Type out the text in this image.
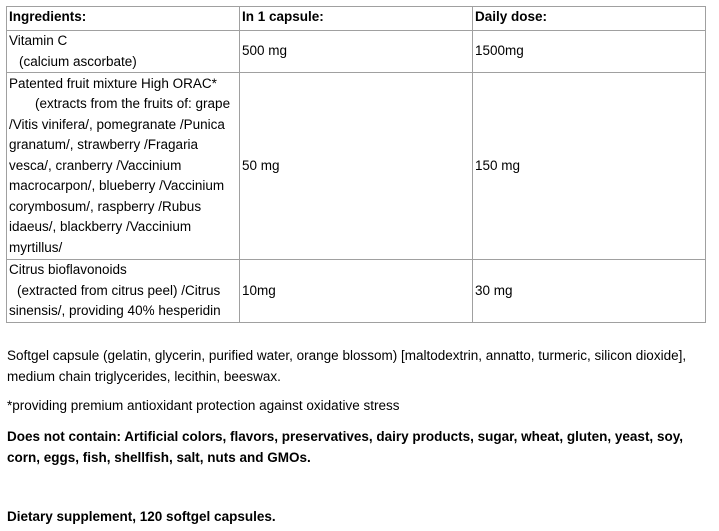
Ingredients:	In 1 capsule:	Daily dose:

Vitamin C
(calcium ascorbate)	500 mg	1500mg

Patented fruit mixture High ORAC*
(extracts from the fruits of: grape /Vitis vinifera/, pomegranate /Punica granatum/, strawberry /Fragaria vesca/, cranberry /Vaccinium macrocarpon/, blueberry /Vaccinium corymbosum/, raspberry /Rubus idaeus/, blackberry /Vaccinium myrtillus/	50 mg	150 mg

Citrus bioflavonoids
(extracted from citrus peel) /Citrus sinensis/, providing 40% hesperidin	10mg	30 mg

Softgel capsule (gelatin, glycerin, purified water, orange blossom) [maltodextrin, annatto, turmeric, silicon dioxide], medium chain triglycerides, lecithin, beeswax.

*providing premium antioxidant protection against oxidative stress

Does not contain: Artificial colors, flavors, preservatives, dairy products, sugar, wheat, gluten, yeast, soy, corn, eggs, fish, shellfish, salt, nuts and GMOs.

Dietary supplement, 120 softgel capsules.
